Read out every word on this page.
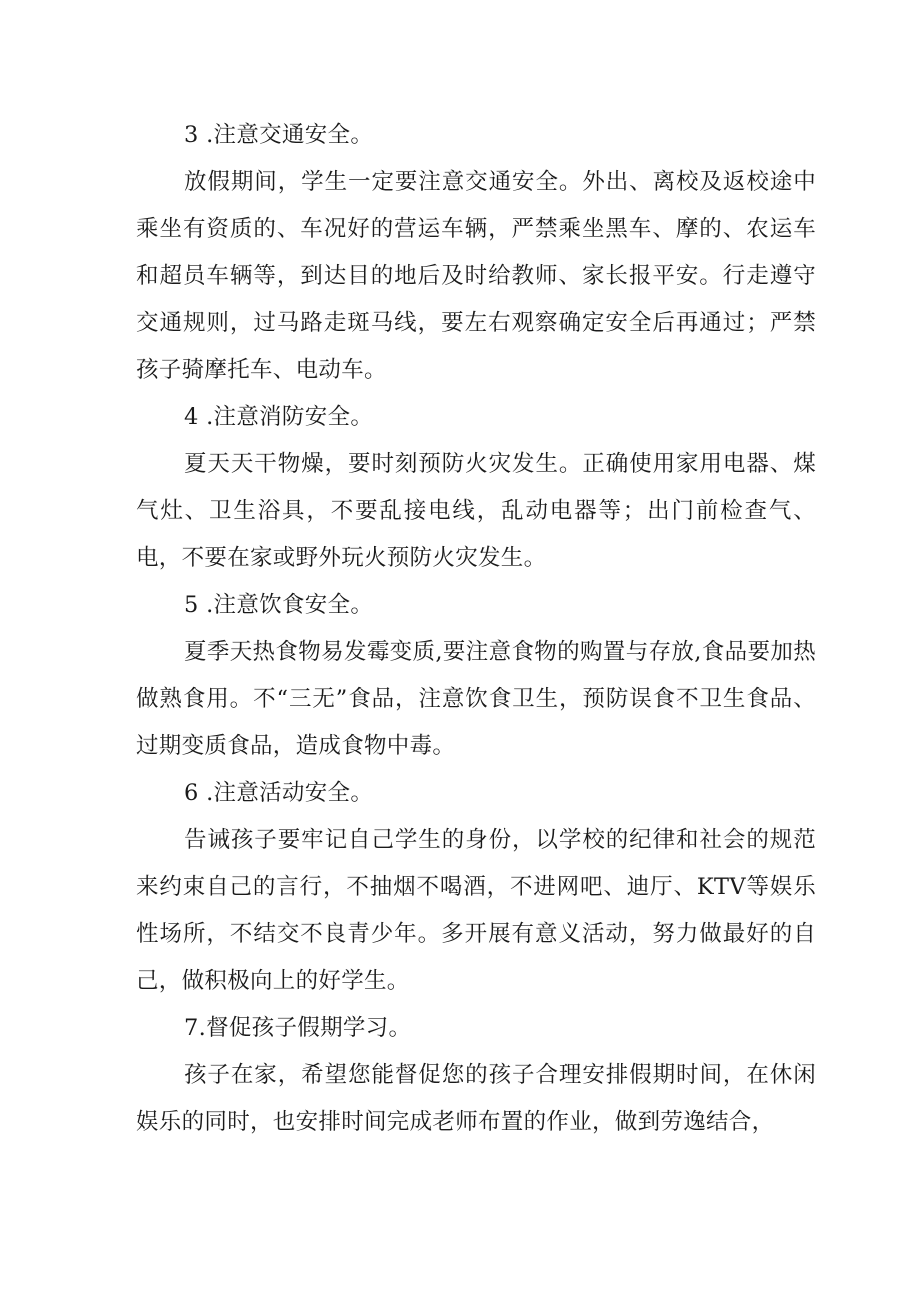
3 .注意交通安全。

放假期间，学生一定要注意交通安全。外出、离校及返校途中乘坐有资质的、车况好的营运车辆，严禁乘坐黑车、摩的、农运车和超员车辆等，到达目的地后及时给教师、家长报平安。行走遵守交通规则，过马路走斑马线，要左右观察确定安全后再通过；严禁孩子骑摩托车、电动车。

4 .注意消防安全。

夏天天干物燥，要时刻预防火灾发生。正确使用家用电器、煤气灶、卫生浴具，不要乱接电线，乱动电器等；出门前检查气、电，不要在家或野外玩火预防火灾发生。

5 .注意饮食安全。

夏季天热食物易发霉变质,要注意食物的购置与存放,食品要加热做熟食用。不“三无”食品，注意饮食卫生，预防误食不卫生食品、过期变质食品，造成食物中毒。

6 .注意活动安全。

告诫孩子要牢记自己学生的身份，以学校的纪律和社会的规范来约束自己的言行，不抽烟不喝酒，不进网吧、迪厅、KTV等娱乐性场所，不结交不良青少年。多开展有意义活动，努力做最好的自己，做积极向上的好学生。

7.督促孩子假期学习。

孩子在家，希望您能督促您的孩子合理安排假期时间，在休闲娱乐的同时，也安排时间完成老师布置的作业，做到劳逸结合，
